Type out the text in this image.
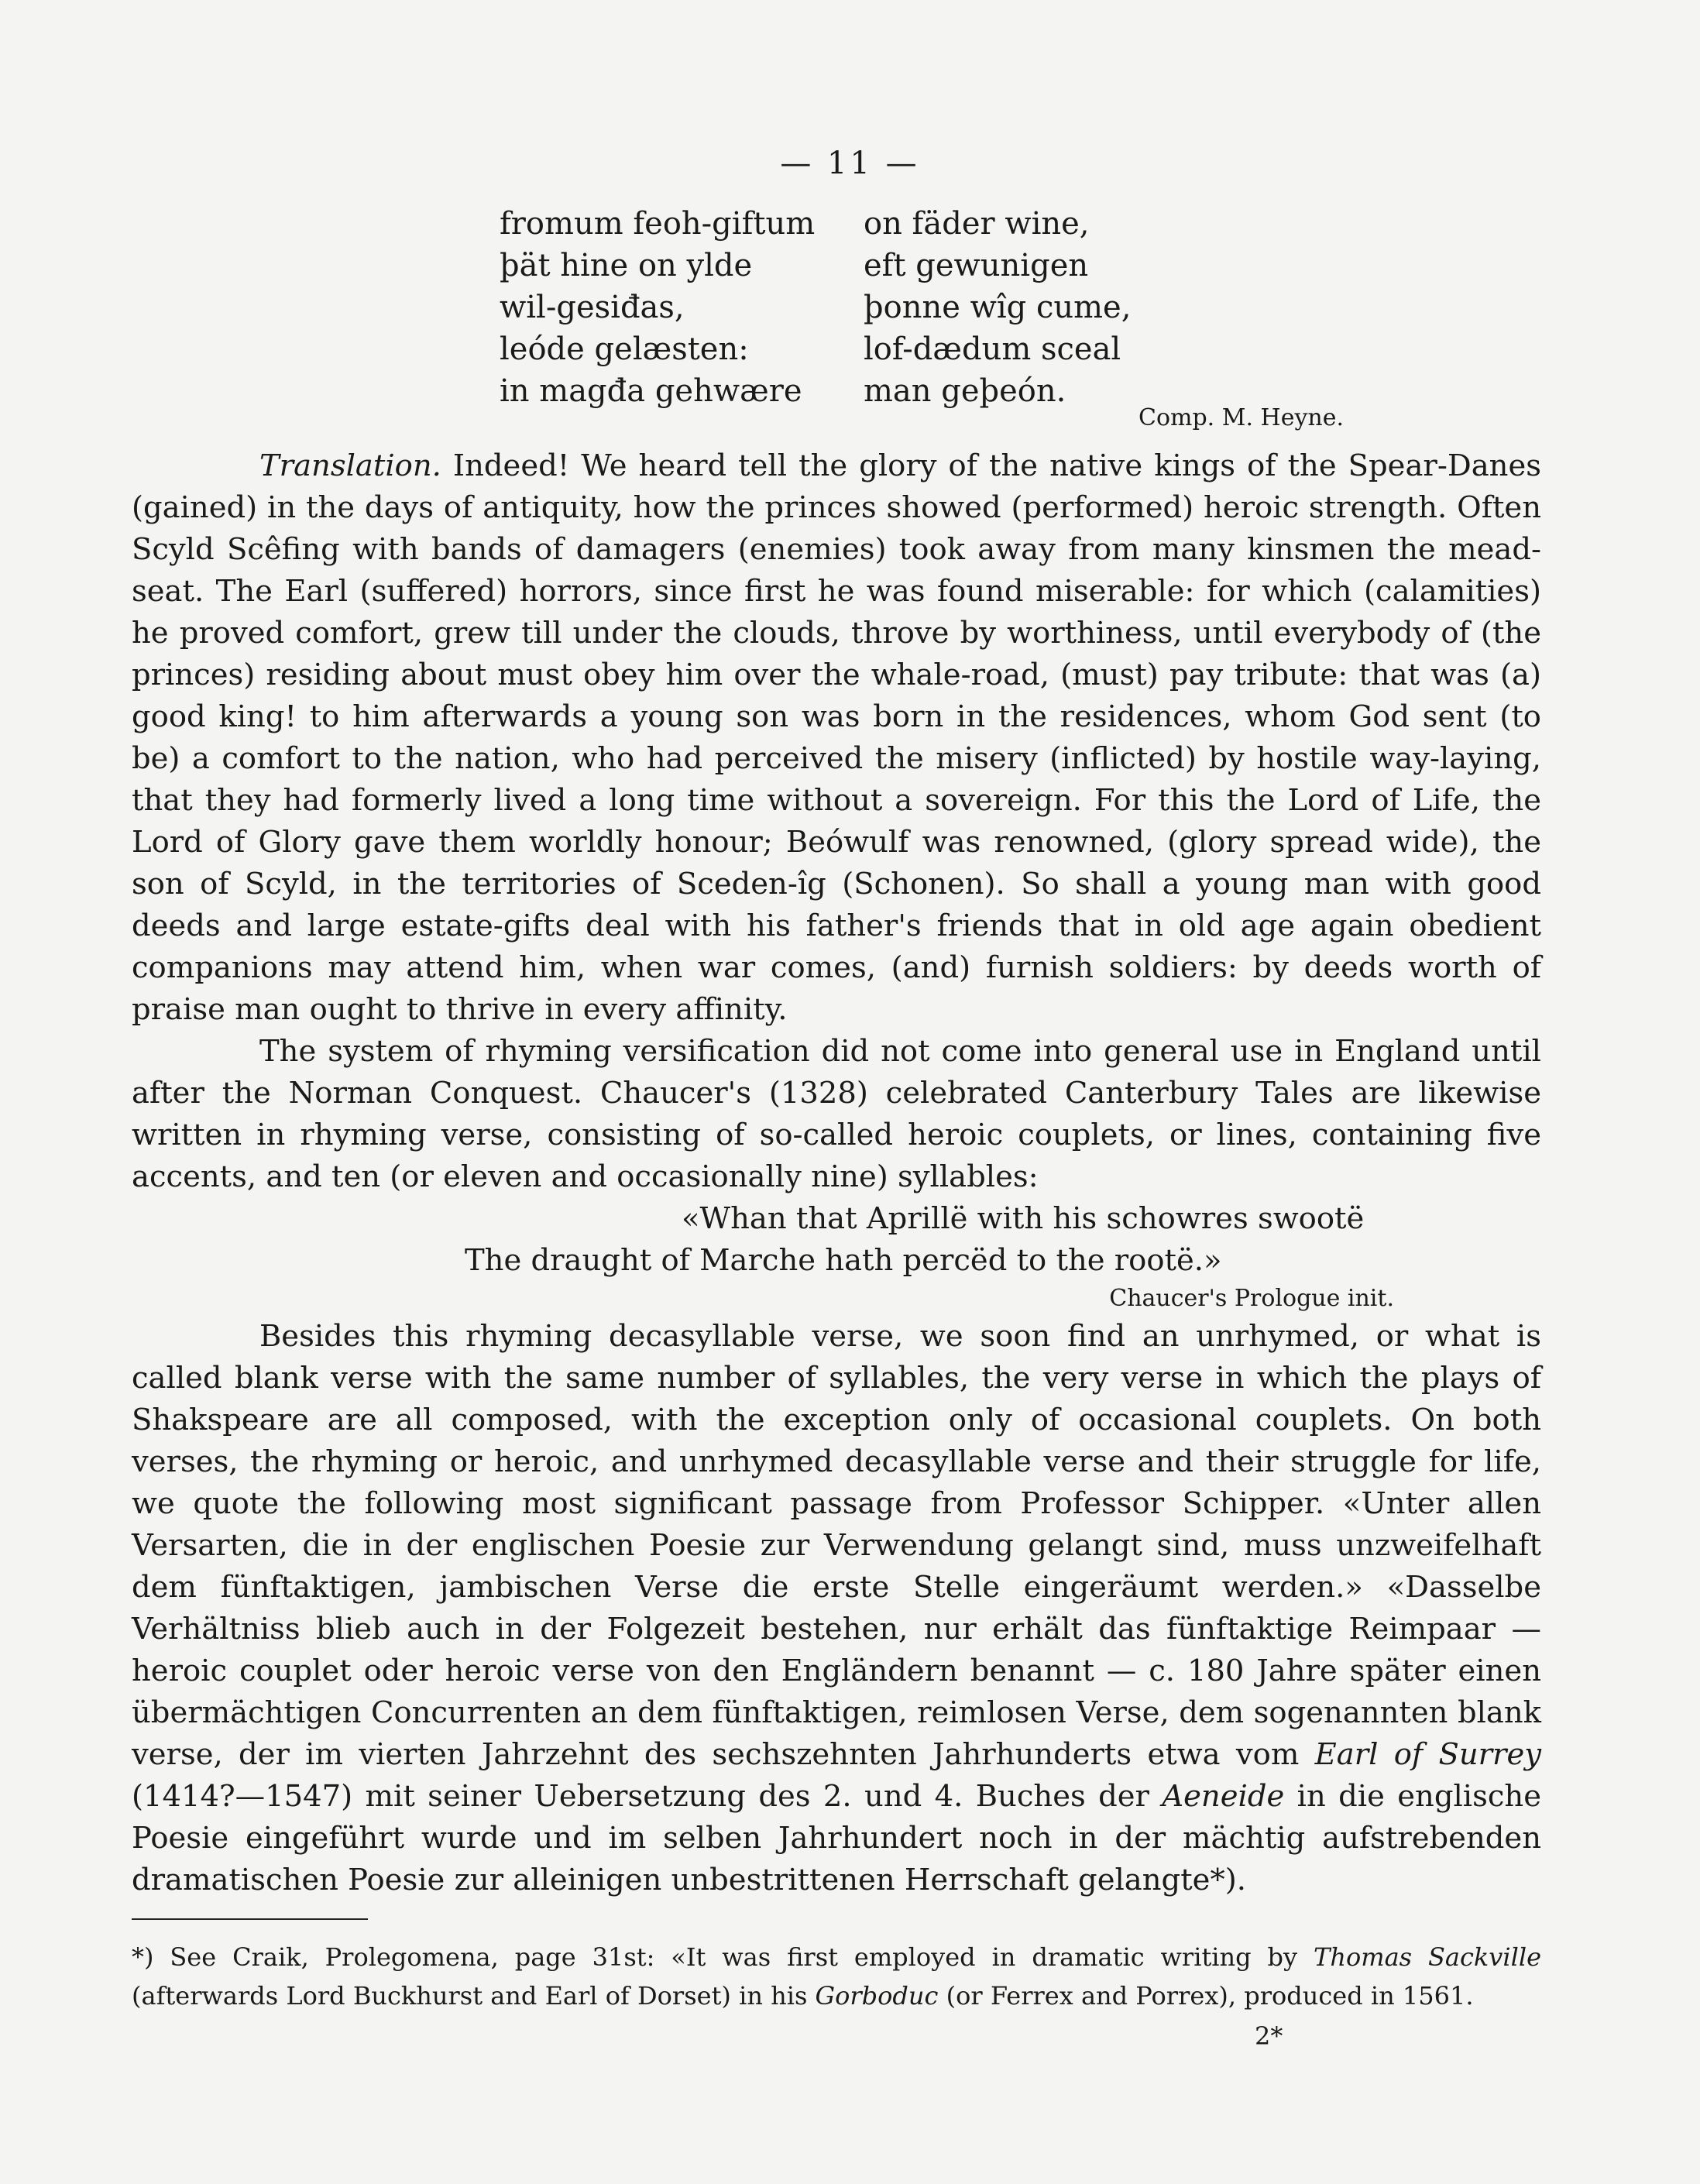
— 11 —
fromum feoh-giftum	on fäder wine,
þät hine on ylde	eft gewunigen
wil-gesiđas,	þonne wîg cume,
leóde gelæsten:	lof-dædum sceal
in magđa gehwære	man geþeón.
Comp. M. Heyne.

Translation. Indeed! We heard tell the glory of the native kings of the Spear-Danes (gained) in the days of antiquity, how the princes showed (performed) heroic strength. Often Scyld Scêfing with bands of damagers (enemies) took away from many kinsmen the mead-seat. The Earl (suffered) horrors, since first he was found miserable: for which (calamities) he proved comfort, grew till under the clouds, throve by worthiness, until everybody of (the princes) residing about must obey him over the whale-road, (must) pay tribute: that was (a) good king! to him afterwards a young son was born in the residences, whom God sent (to be) a comfort to the nation, who had perceived the misery (inflicted) by hostile way-laying, that they had formerly lived a long time without a sovereign. For this the Lord of Life, the Lord of Glory gave them worldly honour; Beówulf was renowned, (glory spread wide), the son of Scyld, in the territories of Sceden-îg (Schonen). So shall a young man with good deeds and large estate-gifts deal with his father's friends that in old age again obedient companions may attend him, when war comes, (and) furnish soldiers: by deeds worth of praise man ought to thrive in every affinity.

The system of rhyming versification did not come into general use in England until after the Norman Conquest. Chaucer's (1328) celebrated Canterbury Tales are likewise written in rhyming verse, consisting of so-called heroic couplets, or lines, containing five accents, and ten (or eleven and occasionally nine) syllables:

«Whan that Aprillë with his schowres swootë
The draught of Marche hath percëd to the rootë.»
Chaucer's Prologue init.

Besides this rhyming decasyllable verse, we soon find an unrhymed, or what is called blank verse with the same number of syllables, the very verse in which the plays of Shakspeare are all composed, with the exception only of occasional couplets. On both verses, the rhyming or heroic, and unrhymed decasyllable verse and their struggle for life, we quote the following most significant passage from Professor Schipper. «Unter allen Versarten, die in der englischen Poesie zur Verwendung gelangt sind, muss unzweifelhaft dem fünftaktigen, jambischen Verse die erste Stelle eingeräumt werden.» «Dasselbe Verhältniss blieb auch in der Folgezeit bestehen, nur erhält das fünftaktige Reimpaar — heroic couplet oder heroic verse von den Engländern benannt — c. 180 Jahre später einen übermächtigen Concurrenten an dem fünftaktigen, reimlosen Verse, dem sogenannten blank verse, der im vierten Jahrzehnt des sechszehnten Jahrhunderts etwa vom Earl of Surrey (1414?—1547) mit seiner Uebersetzung des 2. und 4. Buches der Aeneide in die englische Poesie eingeführt wurde und im selben Jahrhundert noch in der mächtig aufstrebenden dramatischen Poesie zur alleinigen unbestrittenen Herrschaft gelangte*).

*) See Craik, Prolegomena, page 31st: «It was first employed in dramatic writing by Thomas Sackville (afterwards Lord Buckhurst and Earl of Dorset) in his Gorboduc (or Ferrex and Porrex), produced in 1561.
2*
